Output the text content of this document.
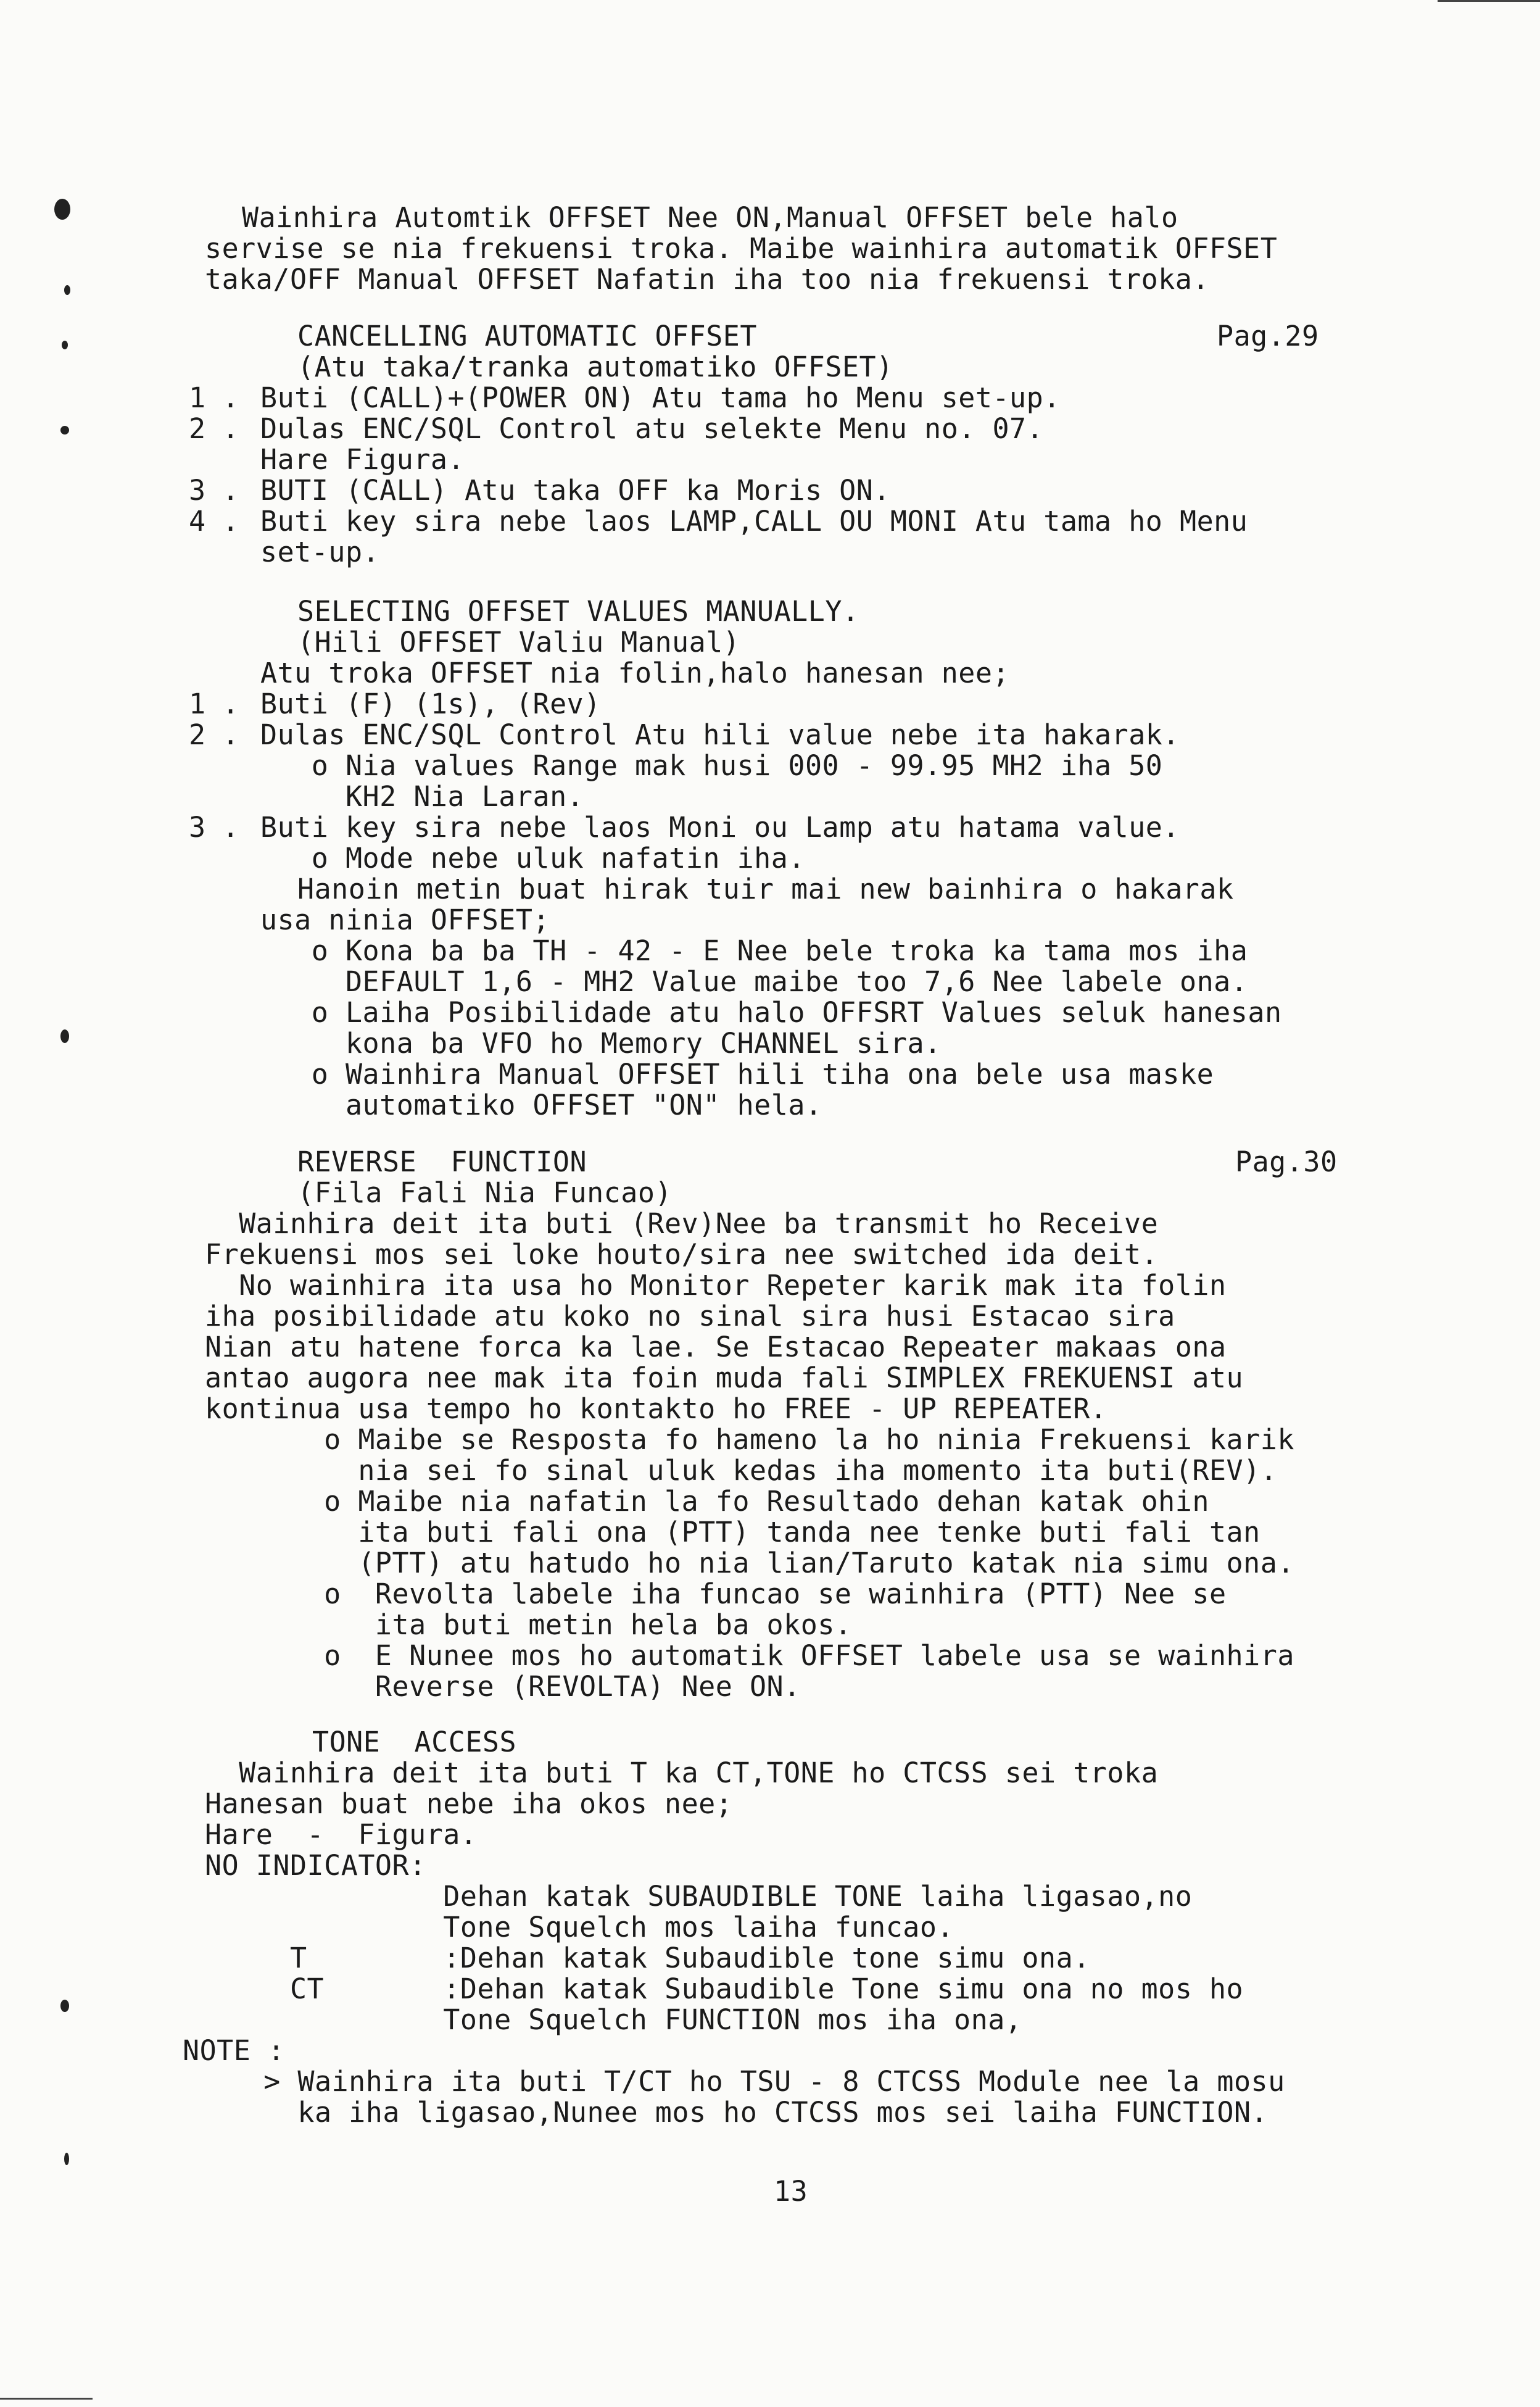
Wainhira Automtik OFFSET Nee ON,Manual OFFSET bele halo
servise se nia frekuensi troka. Maibe wainhira automatik OFFSET
taka/OFF Manual OFFSET Nafatin iha too nia frekuensi troka.
CANCELLING AUTOMATIC OFFSET	Pag.29
(Atu taka/tranka automatiko OFFSET)
1 . Buti (CALL)+(POWER ON) Atu tama ho Menu set-up.
2 . Dulas ENC/SQL Control atu selekte Menu no. 07.
Hare Figura.
3 . BUTI (CALL) Atu taka OFF ka Moris ON.
4 . Buti key sira nebe laos LAMP,CALL OU MONI Atu tama ho Menu
set-up.
SELECTING OFFSET VALUES MANUALLY.
(Hili OFFSET Valiu Manual)
Atu troka OFFSET nia folin,halo hanesan nee;
1 . Buti (F) (1s), (Rev)
2 . Dulas ENC/SQL Control Atu hili value nebe ita hakarak.
o Nia values Range mak husi 000 - 99.95 MH2 iha 50
KH2 Nia Laran.
3 . Buti key sira nebe laos Moni ou Lamp atu hatama value.
o Mode nebe uluk nafatin iha.
Hanoin metin buat hirak tuir mai new bainhira o hakarak
usa ninia OFFSET;
o Kona ba ba TH - 42 - E Nee bele troka ka tama mos iha
DEFAULT 1,6 - MH2 Value maibe too 7,6 Nee labele ona.
o Laiha Posibilidade atu halo OFFSRT Values seluk hanesan
kona ba VFO ho Memory CHANNEL sira.
o Wainhira Manual OFFSET hili tiha ona bele usa maske
automatiko OFFSET "ON" hela.
REVERSE  FUNCTION	Pag.30
(Fila Fali Nia Funcao)
Wainhira deit ita buti (Rev)Nee ba transmit ho Receive
Frekuensi mos sei loke houto/sira nee switched ida deit.
No wainhira ita usa ho Monitor Repeter karik mak ita folin
iha posibilidade atu koko no sinal sira husi Estacao sira
Nian atu hatene forca ka lae. Se Estacao Repeater makaas ona
antao augora nee mak ita foin muda fali SIMPLEX FREKUENSI atu
kontinua usa tempo ho kontakto ho FREE - UP REPEATER.
o Maibe se Resposta fo hameno la ho ninia Frekuensi karik
nia sei fo sinal uluk kedas iha momento ita buti(REV).
o Maibe nia nafatin la fo Resultado dehan katak ohin
ita buti fali ona (PTT) tanda nee tenke buti fali tan
(PTT) atu hatudo ho nia lian/Taruto katak nia simu ona.
o  Revolta labele iha funcao se wainhira (PTT) Nee se
ita buti metin hela ba okos.
o  E Nunee mos ho automatik OFFSET labele usa se wainhira
Reverse (REVOLTA) Nee ON.
TONE  ACCESS
Wainhira deit ita buti T ka CT,TONE ho CTCSS sei troka
Hanesan buat nebe iha okos nee;
Hare  -  Figura.
NO INDICATOR:
Dehan katak SUBAUDIBLE TONE laiha ligasao,no
Tone Squelch mos laiha funcao.
T        :Dehan katak Subaudible tone simu ona.
CT       :Dehan katak Subaudible Tone simu ona no mos ho
Tone Squelch FUNCTION mos iha ona,
NOTE :
> Wainhira ita buti T/CT ho TSU - 8 CTCSS Module nee la mosu
ka iha ligasao,Nunee mos ho CTCSS mos sei laiha FUNCTION.
13
